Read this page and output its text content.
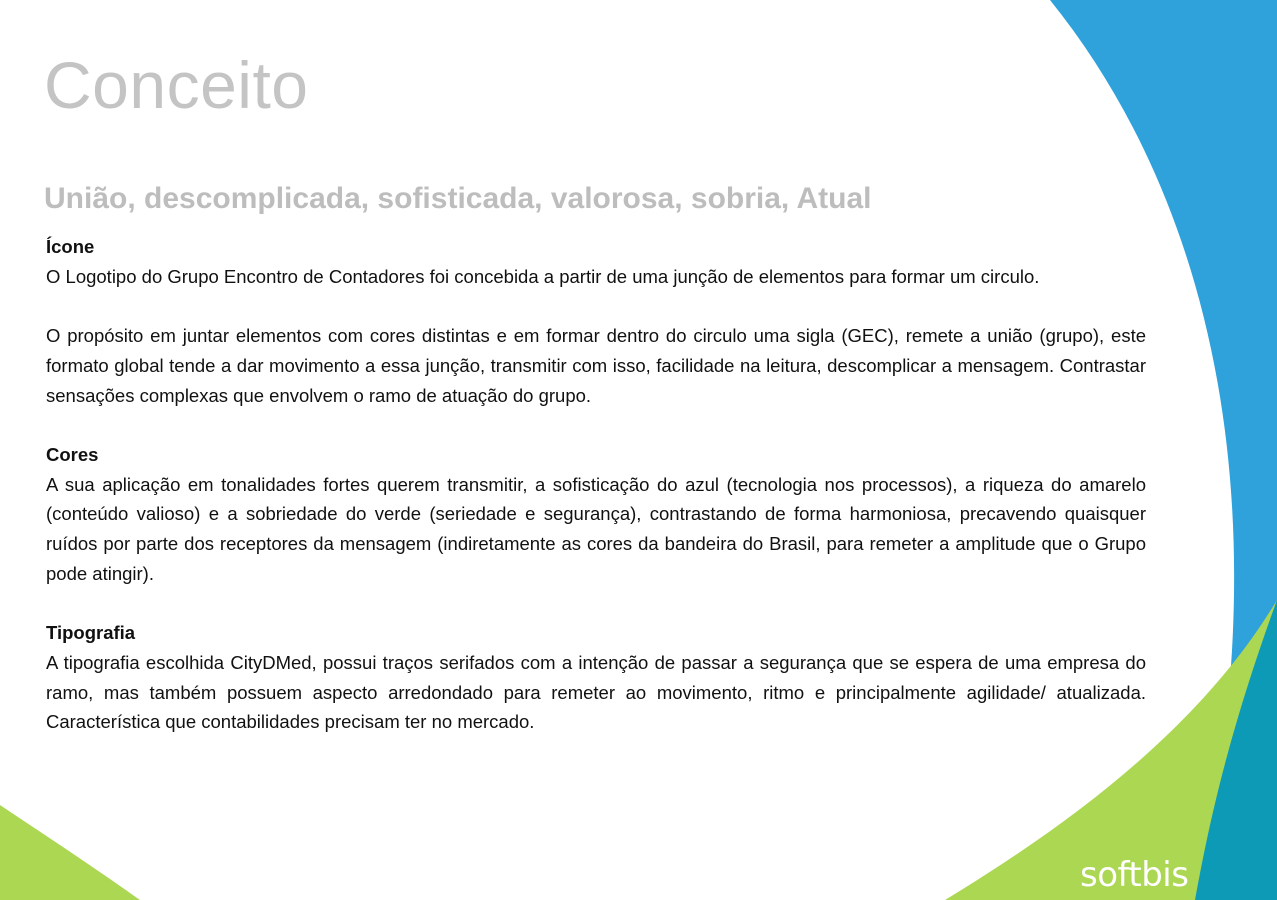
Conceito
União, descomplicada, sofisticada, valorosa, sobria, Atual
Ícone

O Logotipo do Grupo Encontro de Contadores foi concebida a partir de uma junção de elementos para formar um circulo.

O propósito em juntar elementos com cores distintas e em formar dentro do circulo uma sigla (GEC), remete a união (grupo), este formato global tende a dar movimento a essa junção, transmitir com isso, facilidade na leitura, descomplicar a mensagem. Contrastar sensações complexas que envolvem o ramo de atuação do grupo.

Cores

A sua aplicação em tonalidades fortes querem transmitir, a sofisticação do azul (tecnologia nos processos), a riqueza do amarelo (conteúdo valioso) e a sobriedade do verde (seriedade e segurança), contrastando de forma harmoniosa, precavendo quaisquer ruídos por parte dos receptores da mensagem (indiretamente as cores da bandeira do Brasil, para remeter a amplitude que o Grupo pode atingir).

Tipografia

A tipografia escolhida CityDMed, possui traços serifados com a intenção de passar a segurança que se espera de uma empresa do ramo, mas também possuem aspecto arredondado para remeter ao movimento, ritmo e principalmente agilidade/ atualizada. Característica que contabilidades precisam ter no mercado.

softbis
